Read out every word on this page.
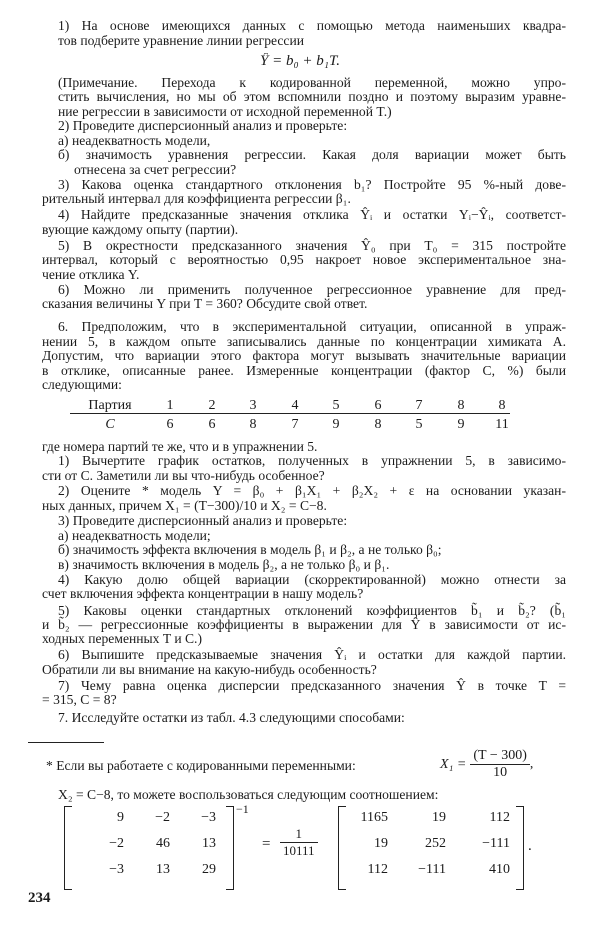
1) На основе имеющихся данных с помощью метода наименьших квадра-
тов подберите уравнение линии регрессии
Ŷ = b₀ + b₁T.
(Примечание. Перехода к кодированной переменной, можно упро-
стить вычисления, но мы об этом вспомнили поздно и поэтому выразим уравне-
ние регрессии в зависимости от исходной переменной T.)
2) Проведите дисперсионный анализ и проверьте:
а) неадекватность модели,
б) значимость уравнения регрессии. Какая доля вариации может быть
отнесена за счет регрессии?
3) Какова оценка стандартного отклонения b₁? Постройте 95 %-ный дове-
рительный интервал для коэффициента регрессии β₁.
4) Найдите предсказанные значения отклика Ŷᵢ и остатки Yᵢ−Ŷᵢ, соответст-
вующие каждому опыту (партии).
5) В окрестности предсказанного значения Ŷ₀ при T₀ = 315 постройте
интервал, который с вероятностью 0,95 накроет новое экспериментальное зна-
чение отклика Y.
6) Можно ли применить полученное регрессионное уравнение для пред-
сказания величины Y при T = 360? Обсудите свой ответ.
6. Предположим, что в экспериментальной ситуации, описанной в упраж-
нении 5, в каждом опыте записывались данные по концентрации химиката A.
Допустим, что вариации этого фактора могут вызывать значительные вариации
в отклике, описанные ранее. Измеренные концентрации (фактор C, %) были
следующими:
Партия	1	2	3	4	5	6	7	8	8
C	6	6	8	7	9	8	5	9	11
где номера партий те же, что и в упражнении 5.
1) Вычертите график остатков, полученных в упражнении 5, в зависимо-
сти от C. Заметили ли вы что-нибудь особенное?
2) Оцените * модель Y = β₀ + β₁X₁ + β₂X₂ + ε на основании указан-
ных данных, причем X₁ = (T−300)/10 и X₂ = C−8.
3) Проведите дисперсионный анализ и проверьте:
а) неадекватность модели;
б) значимость эффекта включения в модель β₁ и β₂, а не только β₀;
в) значимость включения в модель β₂, а не только β₀ и β₁.
4) Какую долю общей вариации (скорректированной) можно отнести за
счет включения эффекта концентрации в нашу модель?
5) Каковы оценки стандартных отклонений коэффициентов b̃₁ и b̃₂? (b̃₁
и b̃₂ — регрессионные коэффициенты в выражении для Ŷ в зависимости от ис-
ходных переменных T и C.)
6) Выпишите предсказываемые значения Ŷᵢ и остатки для каждой партии.
Обратили ли вы внимание на какую-нибудь особенность?
7) Чему равна оценка дисперсии предсказанного значения Ŷ в точке T =
= 315, C = 8?
7. Исследуйте остатки из табл. 4.3 следующими способами:
* Если вы работаете с кодированными переменными:	$X_1 = \frac{(T - 300)}{10}$ ,
X₂ = C−8, то можете воспользоваться следующим соотношением:
9	−2	−3
−2	46	13
−3	13	29
−1
= $\frac{1}{10111}$
1165	19	112
19	252	−111
112	−111	410
.
234
